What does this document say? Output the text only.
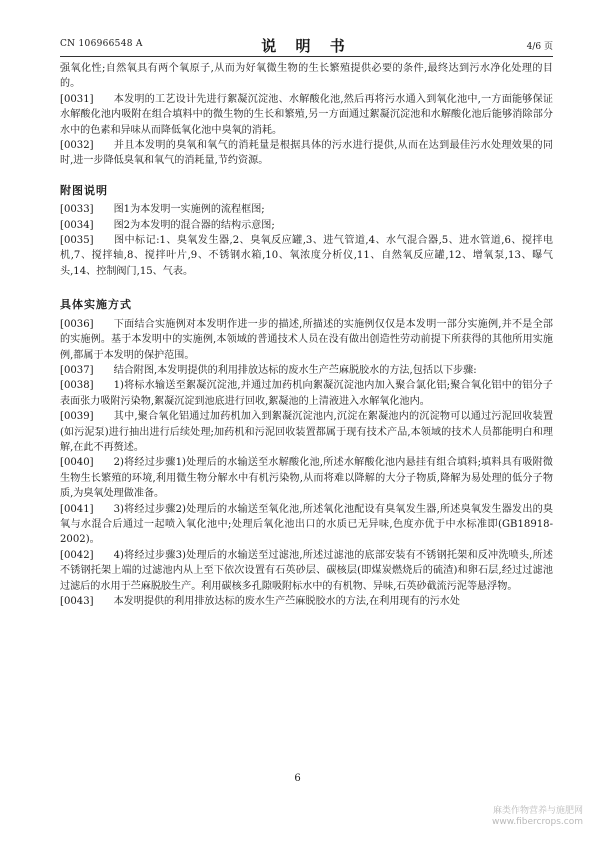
CN 106966548 A	说 明 书	4/6 页

强氧化性;自然氧具有两个氧原子,从而为好氧微生物的生长繁殖提供必要的条件,最终达到污水净化处理的目的。

[0031] 本发明的工艺设计先进行絮凝沉淀池、水解酸化池,然后再将污水通入到氧化池中,一方面能够保证水解酸化池内吸附在组合填料中的微生物的生长和繁殖,另一方面通过絮凝沉淀池和水解酸化池后能够消除部分水中的色素和异味从而降低氧化池中臭氧的消耗。

[0032] 并且本发明的臭氧和氧气的消耗量是根据具体的污水进行提供,从而在达到最佳污水处理效果的同时,进一步降低臭氧和氧气的消耗量,节约资源。

附图说明

[0033] 图1为本发明一实施例的流程框图;

[0034] 图2为本发明的混合器的结构示意图;

[0035] 图中标记:1、臭氧发生器,2、臭氧反应罐,3、进气管道,4、水气混合器,5、进水管道,6、搅拌电机,7、搅拌轴,8、搅拌叶片,9、不锈钢水箱,10、氧浓度分析仪,11、自然氧反应罐,12、增氧泵,13、曝气头,14、控制阀门,15、气表。

具体实施方式

[0036] 下面结合实施例对本发明作进一步的描述,所描述的实施例仅仅是本发明一部分实施例,并不是全部的实施例。基于本发明中的实施例,本领域的普通技术人员在没有做出创造性劳动前提下所获得的其他所用实施例,都属于本发明的保护范围。

[0037] 结合附图,本发明提供的利用排放达标的废水生产苎麻脱胶水的方法,包括以下步骤:

[0038] 1)将标水输送至絮凝沉淀池,并通过加药机向絮凝沉淀池内加入聚合氯化铝;聚合氧化铝中的铝分子表面张力吸附污染物,絮凝沉淀到池底进行回收,絮凝池的上清液进入水解氧化池内。

[0039] 其中,聚合氧化铝通过加药机加入到絮凝沉淀池内,沉淀在絮凝池内的沉淀物可以通过污泥回收装置(如污泥泵)进行抽出进行后续处理;加药机和污泥回收装置都属于现有技术产品,本领域的技术人员都能明白和理解,在此不再赘述。

[0040] 2)将经过步骤1)处理后的水输送至水解酸化池,所述水解酸化池内悬挂有组合填料;填料具有吸附微生物生长繁殖的环境,利用微生物分解水中有机污染物,从而将难以降解的大分子物质,降解为易处理的低分子物质,为臭氧处理做准备。

[0041] 3)将经过步骤2)处理后的水输送至氧化池,所述氧化池配设有臭氧发生器,所述臭氧发生器发出的臭氧与水混合后通过一起喷入氧化池中;处理后氧化池出口的水质已无异味,色度亦优于中水标准即(GB18918-2002)。

[0042] 4)将经过步骤3)处理后的水输送至过滤池,所述过滤池的底部安装有不锈钢托架和反冲洗喷头,所述不锈钢托架上端的过滤池内从上至下依次设置有石英砂层、碳核层(即煤炭燃烧后的硫渣)和卵石层,经过过滤池过滤后的水用于苎麻脱胶生产。利用碳核多孔隙吸附标水中的有机物、异味,石英砂截流污泥等悬浮物。

[0043] 本发明提供的利用排放达标的废水生产苎麻脱胶水的方法,在利用现有的污水处

6
麻类作物营养与施肥网
www.fibercrops.com
